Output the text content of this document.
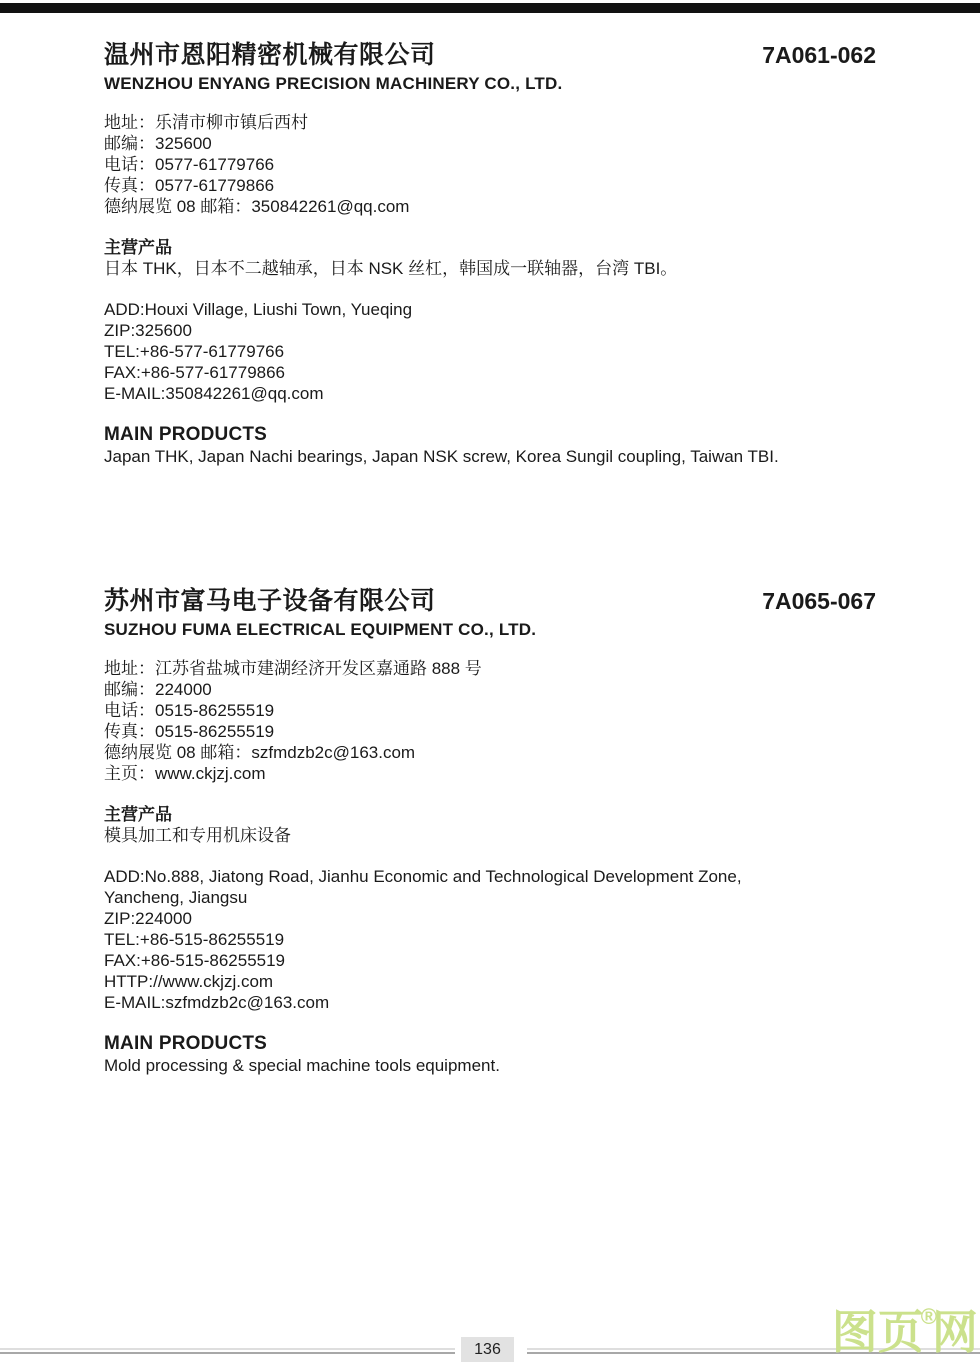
温州市恩阳精密机械有限公司
WENZHOU ENYANG PRECISION MACHINERY CO., LTD.
7A061-062
地址：乐清市柳市镇后西村
邮编：325600
电话：0577-61779766
传真：0577-61779866
德纳展览 08 邮箱：350842261@qq.com
主营产品
日本 THK，日本不二越轴承，日本 NSK 丝杠，韩国成一联轴器，台湾 TBI。
ADD:Houxi Village, Liushi Town, Yueqing
ZIP:325600
TEL:+86-577-61779766
FAX:+86-577-61779866
E-MAIL:350842261@qq.com
MAIN PRODUCTS
Japan THK, Japan Nachi bearings, Japan NSK screw, Korea Sungil coupling, Taiwan TBI.
苏州市富马电子设备有限公司
SUZHOU FUMA ELECTRICAL EQUIPMENT CO., LTD.
7A065-067
地址：江苏省盐城市建湖经济开发区嘉通路 888 号
邮编：224000
电话：0515-86255519
传真：0515-86255519
德纳展览 08 邮箱：szfmdzb2c@163.com
主页：www.ckjzj.com
主营产品
模具加工和专用机床设备
ADD:No.888, Jiatong Road, Jianhu Economic and Technological Development Zone,
Yancheng, Jiangsu
ZIP:224000
TEL:+86-515-86255519
FAX:+86-515-86255519
HTTP://www.ckjzj.com
E-MAIL:szfmdzb2c@163.com
MAIN PRODUCTS
Mold processing & special machine tools equipment.
136	图页®网
